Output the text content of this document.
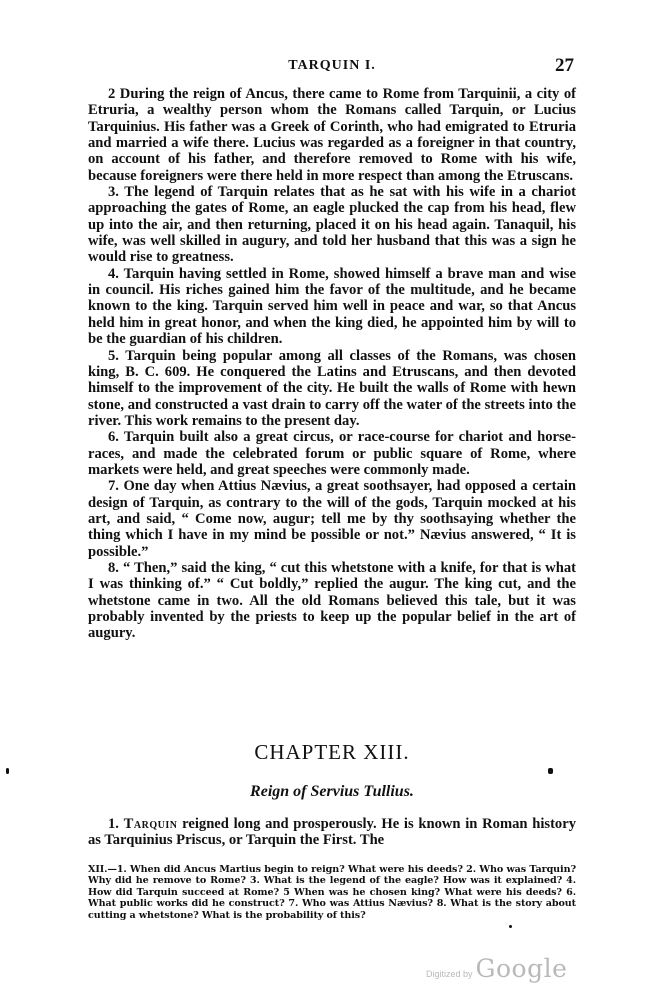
TARQUIN I.	27

2 During the reign of Ancus, there came to Rome from Tarquinii, a city of Etruria, a wealthy person whom the Romans called Tarquin, or Lucius Tarquinius. His father was a Greek of Corinth, who had emigrated to Etruria and married a wife there. Lucius was regarded as a foreigner in that country, on account of his father, and therefore removed to Rome with his wife, because foreigners were there held in more respect than among the Etruscans.

3. The legend of Tarquin relates that as he sat with his wife in a chariot approaching the gates of Rome, an eagle plucked the cap from his head, flew up into the air, and then returning, placed it on his head again. Tanaquil, his wife, was well skilled in augury, and told her husband that this was a sign he would rise to greatness.

4. Tarquin having settled in Rome, showed himself a brave man and wise in council. His riches gained him the favor of the multitude, and he became known to the king. Tarquin served him well in peace and war, so that Ancus held him in great honor, and when the king died, he appointed him by will to be the guardian of his children.

5. Tarquin being popular among all classes of the Romans, was chosen king, B. C. 609. He conquered the Latins and Etruscans, and then devoted himself to the improvement of the city. He built the walls of Rome with hewn stone, and constructed a vast drain to carry off the water of the streets into the river. This work remains to the present day.

6. Tarquin built also a great circus, or race-course for chariot and horse-races, and made the celebrated forum or public square of Rome, where markets were held, and great speeches were commonly made.

7. One day when Attius Nævius, a great soothsayer, had opposed a certain design of Tarquin, as contrary to the will of the gods, Tarquin mocked at his art, and said, “ Come now, augur; tell me by thy soothsaying whether the thing which I have in my mind be possible or not.” Nævius answered, “ It is possible.”

8. “ Then,” said the king, “ cut this whetstone with a knife, for that is what I was thinking of.” “ Cut boldly,” replied the augur. The king cut, and the whetstone came in two. All the old Romans believed this tale, but it was probably invented by the priests to keep up the popular belief in the art of augury.

CHAPTER XIII.
Reign of Servius Tullius.

1. Tarquin reigned long and prosperously. He is known in Roman history as Tarquinius Priscus, or Tarquin the First. The

XII.—1. When did Ancus Martius begin to reign? What were his deeds? 2. Who was Tarquin? Why did he remove to Rome? 3. What is the legend of the eagle? How was it explained? 4. How did Tarquin succeed at Rome? 5 When was he chosen king? What were his deeds? 6. What public works did he construct? 7. Who was Attius Nævius? 8. What is the story about cutting a whetstone? What is the probability of this?
Digitized by Google
